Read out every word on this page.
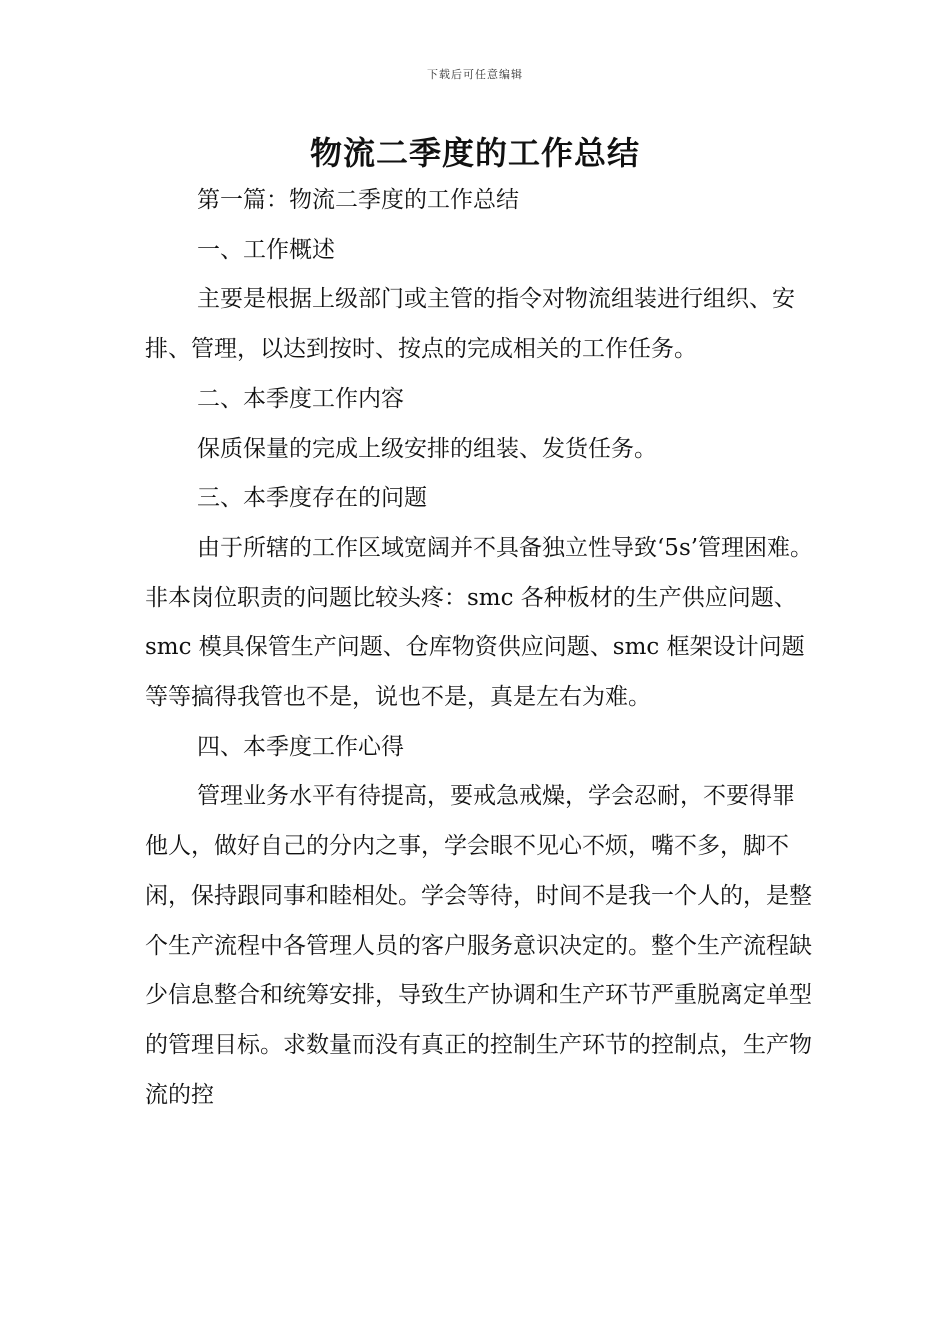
下载后可任意编辑
物流二季度的工作总结

第一篇：物流二季度的工作总结

一、工作概述

主要是根据上级部门或主管的指令对物流组装进行组织、安排、管理，以达到按时、按点的完成相关的工作任务。

二、本季度工作内容

保质保量的完成上级安排的组装、发货任务。

三、本季度存在的问题

由于所辖的工作区域宽阔并不具备独立性导致‘5s’管理困难。非本岗位职责的问题比较头疼：smc 各种板材的生产供应问题、smc 模具保管生产问题、仓库物资供应问题、smc 框架设计问题等等搞得我管也不是，说也不是，真是左右为难。

四、本季度工作心得

管理业务水平有待提高，要戒急戒燥，学会忍耐，不要得罪他人，做好自己的分内之事，学会眼不见心不烦，嘴不多，脚不闲，保持跟同事和睦相处。学会等待，时间不是我一个人的，是整个生产流程中各管理人员的客户服务意识决定的。整个生产流程缺少信息整合和统筹安排，导致生产协调和生产环节严重脱离定单型的管理目标。求数量而没有真正的控制生产环节的控制点，生产物流的控
